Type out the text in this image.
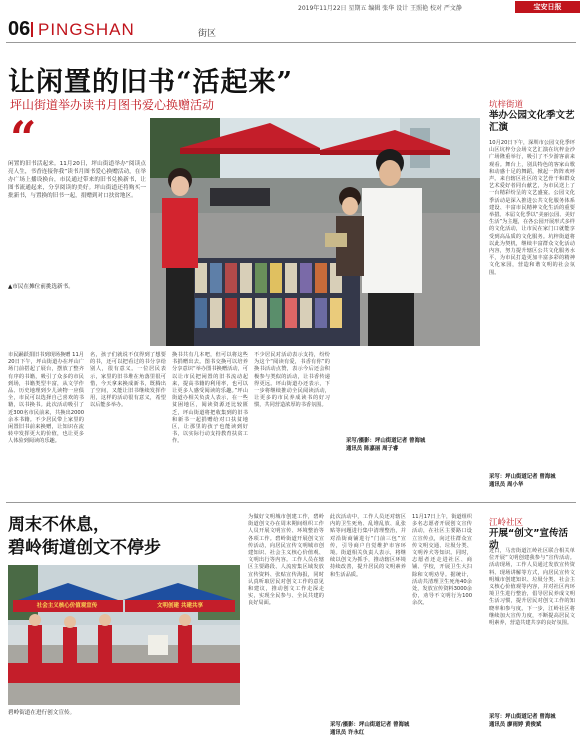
2019年11月22日 星期五 编辑 张华 设计 王照艳 校对 严文静	宝安日报
06 PINGSHAN	街区
让闲置的旧书“活起来”
坪山街道举办读书月图书爱心换赠活动
“
闲置的旧书活起来。11月20日，坪山街道举办“阅读点亮人生，书香连接你我”读书月图书爱心换赠活动，在举办广场上播设换台，市民通过带来的旧书兑换新书，让图书流通起来，分享阅读的美好。坪山街道还将购买一批新书，与置换的旧书一起，捐赠到对口扶贫地区。
▲市民在摊位前挑选新书。
市民踊跃捐旧书到现场换赠 11月20日下午，坪山街道办在坪山广场门前搭起了展台，摆放了整齐有序的书籍，吸引了众多的市民到场，书籍类型丰富，从文学作品、历史地理到少儿读物一应俱全，市民可以选择自己喜欢的书籍，以书换书。此次活动吸引了近300名市民前来，共换出2000余本书籍。不少居民带上家里的闲置旧书前来换赠，让知识在流转中发挥更大的价值，也让更多人体验到阅读的乐趣。
名，孩子们就说不仅得到了想要的书，还可以把看过的书分享给别人，很有意义。一位居民表示，家里的旧书堆在角落里很可惜，今天拿来换成新书，既腾出了空间，又能让旧书继续发挥作用，这样的活动很有意义，希望以后能多举办。
换书共有几本吧，但可以将这些书捐赠出去。图书交换可以培养分享意识“举办图书换赠活动，可以让市民把闲置的旧书流动起来，提高书籍的利用率，也可以让更多人感受阅读的乐趣。”坪山街道办相关负责人表示，在一些贫困地区，阅读资源还比较匮乏，坪山街道将把收集到的旧书和新书一起捐赠给对口扶贫地区，让那里的孩子也能读到好书，以实际行动支持教育扶贫工作。
不少居民对活动表示支持，纷纷为这个“阅读有爱，书香有你”的换书活动点赞，表示今后还会积极参与类似的活动，让书香传递得更远。坪山街道办还表示，下一步将继续推动全民阅读活动，让更多的市民养成读书的好习惯，共同营造浓厚的书香氛围。
采写/摄影：坪山街道记者 曾海城
通讯员 陈嘉丽 周子睿
坑梓街道
举办公园文化季文艺汇演
10月20日下午，深圳市公园文化季坪山区坑梓分会场文艺汇演在坑梓金沙广场隆重举行，吸引了不少游客前来观看。舞台上，别具特色的客家山歌和动感十足的舞蹈，掀起一阵阵欢呼声。来自辖区社区的文艺骨干和群众艺术爱好者同台献艺，为市民送上了一台精彩纷呈的文艺盛宴。公园文化季活动是深入推进公共文化服务体系建设、丰富市民精神文化生活的重要举措。本届文化季以“美丽公园、美好生活”为主题，在各公园开展形式多样的文化活动，让市民在家门口就能享受到高品质的文化服务。坑梓街道将以此为契机，继续丰富群众文化活动内容，努力提升辖区公共文化服务水平，为市民打造更加丰富多彩的精神文化家园，营造和谐文明的社会氛围。
采写：坪山街道记者 曾海城
通讯员 周小华
周末不休息，
碧岭街道创文不停步
社会主义核心价值观宣传	文明创建 共建共享
碧岭街道在进行创文宣传。
为做好文明城市创建工作，碧岭街道创文办在周末期间组织工作人员开展文明宣传、环境整治等各项工作。碧岭街道开展创文宣传活动，向居民宣传文明城市创建知识、社会主义核心价值观、文明出行等内容。工作人员在辖区主要路段、人流密集区域发放宣传资料、张贴宣传海报，同时认真听取居民对创文工作的意见和建议，推动创文工作走深走实，实现全民参与、全民共建的良好局面。
此次活动中，工作人员还对辖区内的卫生死角、乱堆乱放、乱张贴等问题进行集中清理整治，并对沿街商铺进行“门前三包”宣传，引导商户自觉维护市容环境。街道相关负责人表示，将继续以创文为抓手，推动辖区环境持续改善，提升居民的文明素养和生活品质。
11月17日上午，街道组织多名志愿者开展创文宣传活动，在社区主要路口设立宣传点，向过往群众宣传文明交通、垃圾分类、文明养犬等知识。同时，志愿者还走进社区、商铺、学校，开展卫生大扫除和文明劝导。据统计，活动共清理卫生死角40余处，发放宣传资料3000余份，劝导不文明行为100余次。
采写/摄影：坪山街道记者 曾海城
通讯员 许永红
江岭社区
开展“创文”宣传活动
近日，马峦街道江岭社区联合相关单位开展“文明创建我参与”宣传活动。活动现场，工作人员通过发放宣传资料、现场讲解等方式，向居民宣传文明城市创建知识、垃圾分类、社会主义核心价值观等内容，并对社区内环境卫生进行整治，倡导居民养成文明生活习惯，提升居民对创文工作的知晓率和参与度。下一步，江岭社区将继续加大宣传力度，不断提高居民文明素养，营造共建共享的良好氛围。
采写：坪山街道记者 曾海城
通讯员 廖雨婷 黄俊斌
